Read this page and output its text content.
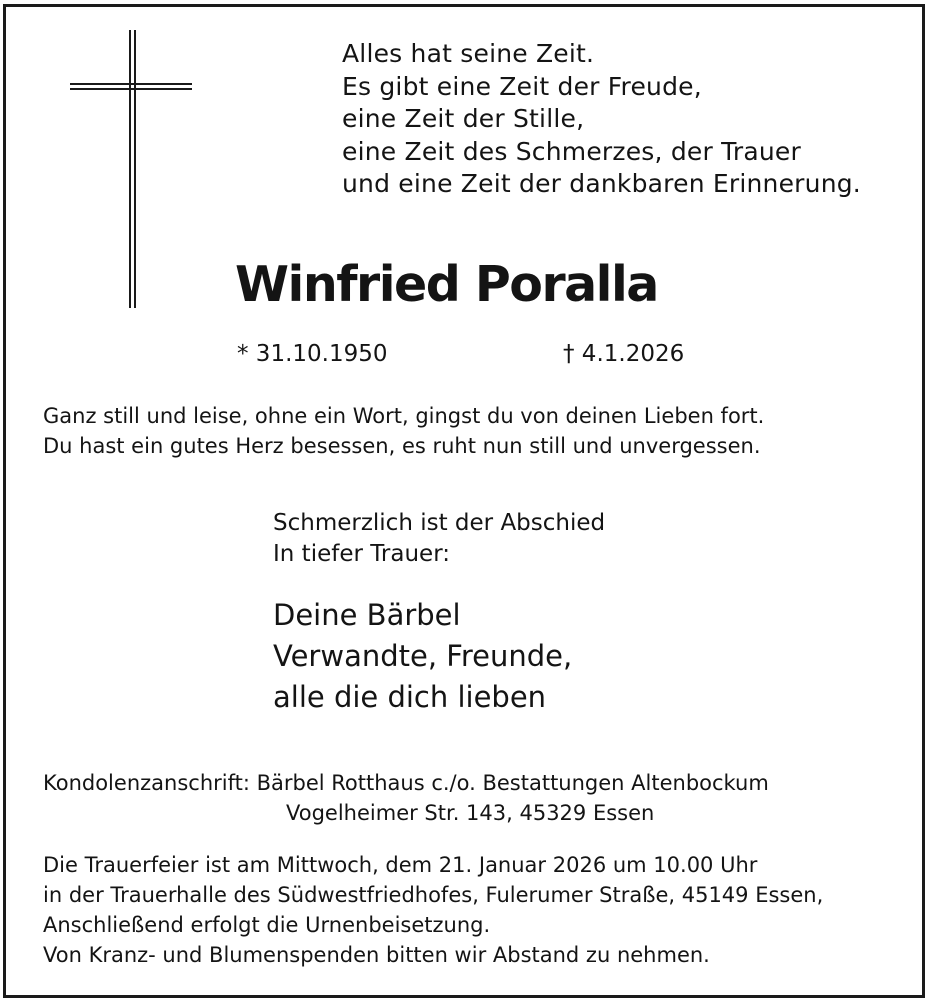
Alles hat seine Zeit.
Es gibt eine Zeit der Freude,
eine Zeit der Stille,
eine Zeit des Schmerzes, der Trauer
und eine Zeit der dankbaren Erinnerung.
Winfried Poralla
* 31.10.1950	† 4.1.2026
Ganz still und leise, ohne ein Wort, gingst du von deinen Lieben fort.
Du hast ein gutes Herz besessen, es ruht nun still und unvergessen.
Schmerzlich ist der Abschied
In tiefer Trauer:
Deine Bärbel
Verwandte, Freunde,
alle die dich lieben
Kondolenzanschrift: Bärbel Rotthaus c./o. Bestattungen Altenbockum
Vogelheimer Str. 143, 45329 Essen
Die Trauerfeier ist am Mittwoch, dem 21. Januar 2026 um 10.00 Uhr
in der Trauerhalle des Südwestfriedhofes, Fulerumer Straße, 45149 Essen,
Anschließend erfolgt die Urnenbeisetzung.
Von Kranz- und Blumenspenden bitten wir Abstand zu nehmen.
